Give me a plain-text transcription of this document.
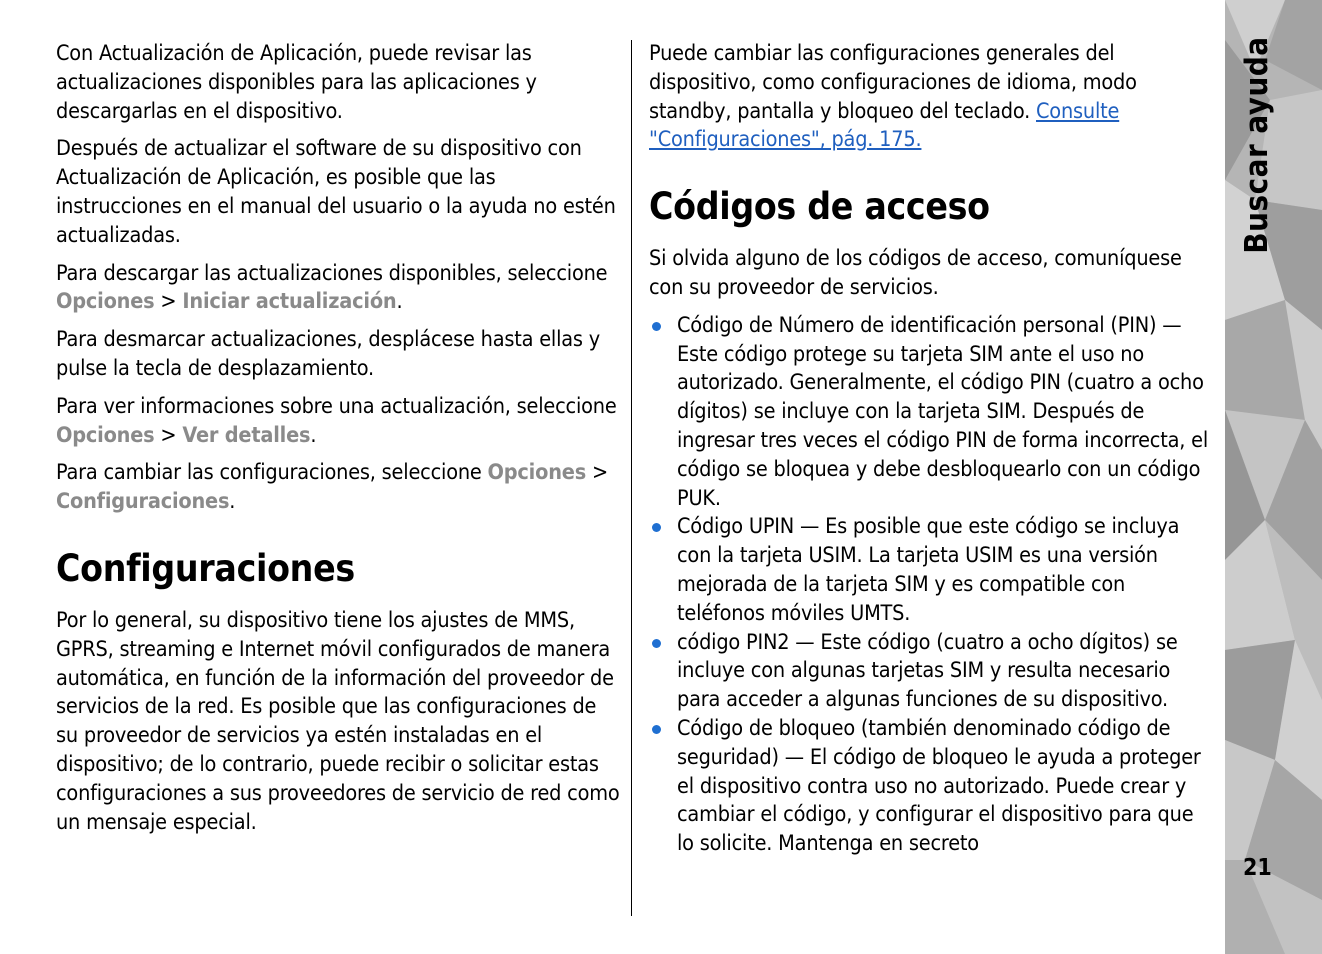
Con Actualización de Aplicación, puede revisar las actualizaciones disponibles para las aplicaciones y descargarlas en el dispositivo.

Después de actualizar el software de su dispositivo con Actualización de Aplicación, es posible que las instrucciones en el manual del usuario o la ayuda no estén actualizadas.

Para descargar las actualizaciones disponibles, seleccione Opciones > Iniciar actualización.

Para desmarcar actualizaciones, desplácese hasta ellas y pulse la tecla de desplazamiento.

Para ver informaciones sobre una actualización, seleccione Opciones > Ver detalles.

Para cambiar las configuraciones, seleccione Opciones > Configuraciones.

Configuraciones

Por lo general, su dispositivo tiene los ajustes de MMS, GPRS, streaming e Internet móvil configurados de manera automática, en función de la información del proveedor de servicios de la red. Es posible que las configuraciones de su proveedor de servicios ya estén instaladas en el dispositivo; de lo contrario, puede recibir o solicitar estas configuraciones a sus proveedores de servicio de red como un mensaje especial.

Puede cambiar las configuraciones generales del dispositivo, como configuraciones de idioma, modo standby, pantalla y bloqueo del teclado. Consulte "Configuraciones", pág. 175.

Códigos de acceso

Si olvida alguno de los códigos de acceso, comuníquese con su proveedor de servicios.

Código de Número de identificación personal (PIN) — Este código protege su tarjeta SIM ante el uso no autorizado. Generalmente, el código PIN (cuatro a ocho dígitos) se incluye con la tarjeta SIM. Después de ingresar tres veces el código PIN de forma incorrecta, el código se bloquea y debe desbloquearlo con un código PUK.
Código UPIN — Es posible que este código se incluya con la tarjeta USIM. La tarjeta USIM es una versión mejorada de la tarjeta SIM y es compatible con teléfonos móviles UMTS.
código PIN2 — Este código (cuatro a ocho dígitos) se incluye con algunas tarjetas SIM y resulta necesario para acceder a algunas funciones de su dispositivo.
Código de bloqueo (también denominado código de seguridad) — El código de bloqueo le ayuda a proteger el dispositivo contra uso no autorizado. Puede crear y cambiar el código, y configurar el dispositivo para que lo solicite. Mantenga en secreto
Buscar ayuda
21
